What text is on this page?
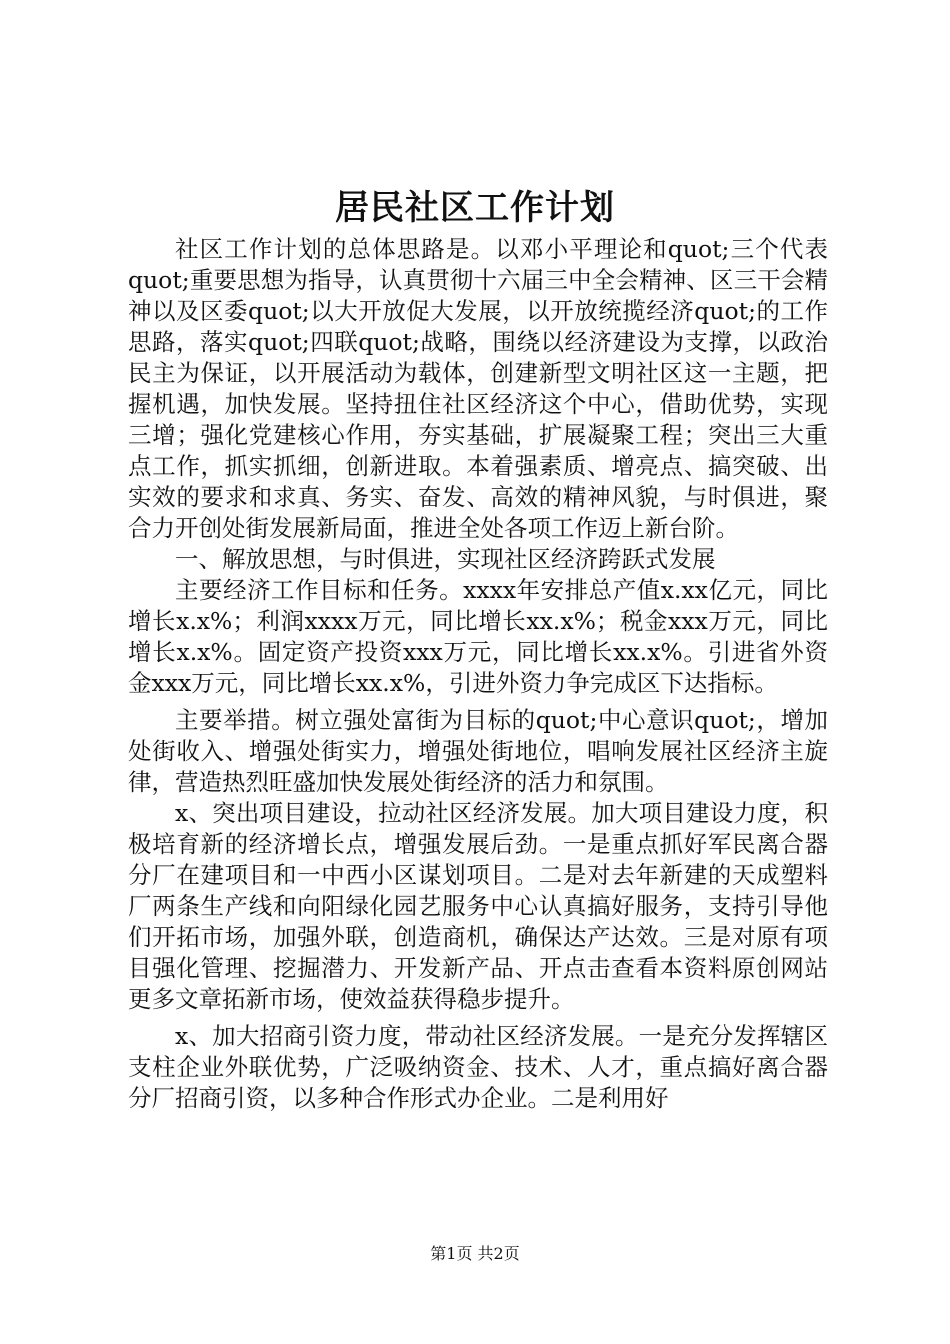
居民社区工作计划

社区工作计划的总体思路是。以邓小平理论和quot;三个代表quot;重要思想为指导，认真贯彻十六届三中全会精神、区三干会精神以及区委quot;以大开放促大发展，以开放统揽经济quot;的工作思路，落实quot;四联quot;战略，围绕以经济建设为支撑，以政治民主为保证，以开展活动为载体，创建新型文明社区这一主题，把握机遇，加快发展。坚持扭住社区经济这个中心，借助优势，实现三增；强化党建核心作用，夯实基础，扩展凝聚工程；突出三大重点工作，抓实抓细，创新进取。本着强素质、增亮点、搞突破、出实效的要求和求真、务实、奋发、高效的精神风貌，与时俱进，聚合力开创处街发展新局面，推进全处各项工作迈上新台阶。

一、解放思想，与时俱进，实现社区经济跨跃式发展

主要经济工作目标和任务。xxxx年安排总产值x.xx亿元，同比增长x.x%；利润xxxx万元，同比增长xx.x%；税金xxx万元，同比增长x.x%。固定资产投资xxx万元，同比增长xx.x%。引进省外资金xxx万元，同比增长xx.x%，引进外资力争完成区下达指标。

主要举措。树立强处富街为目标的quot;中心意识quot;，增加处街收入、增强处街实力，增强处街地位，唱响发展社区经济主旋律，营造热烈旺盛加快发展处街经济的活力和氛围。

x、突出项目建设，拉动社区经济发展。加大项目建设力度，积极培育新的经济增长点，增强发展后劲。一是重点抓好军民离合器分厂在建项目和一中西小区谋划项目。二是对去年新建的天成塑料厂两条生产线和向阳绿化园艺服务中心认真搞好服务，支持引导他们开拓市场，加强外联，创造商机，确保达产达效。三是对原有项目强化管理、挖掘潜力、开发新产品、开点击查看本资料原创网站更多文章拓新市场，使效益获得稳步提升。

x、加大招商引资力度，带动社区经济发展。一是充分发挥辖区支柱企业外联优势，广泛吸纳资金、技术、人才，重点搞好离合器分厂招商引资，以多种合作形式办企业。二是利用好

第1页 共2页
